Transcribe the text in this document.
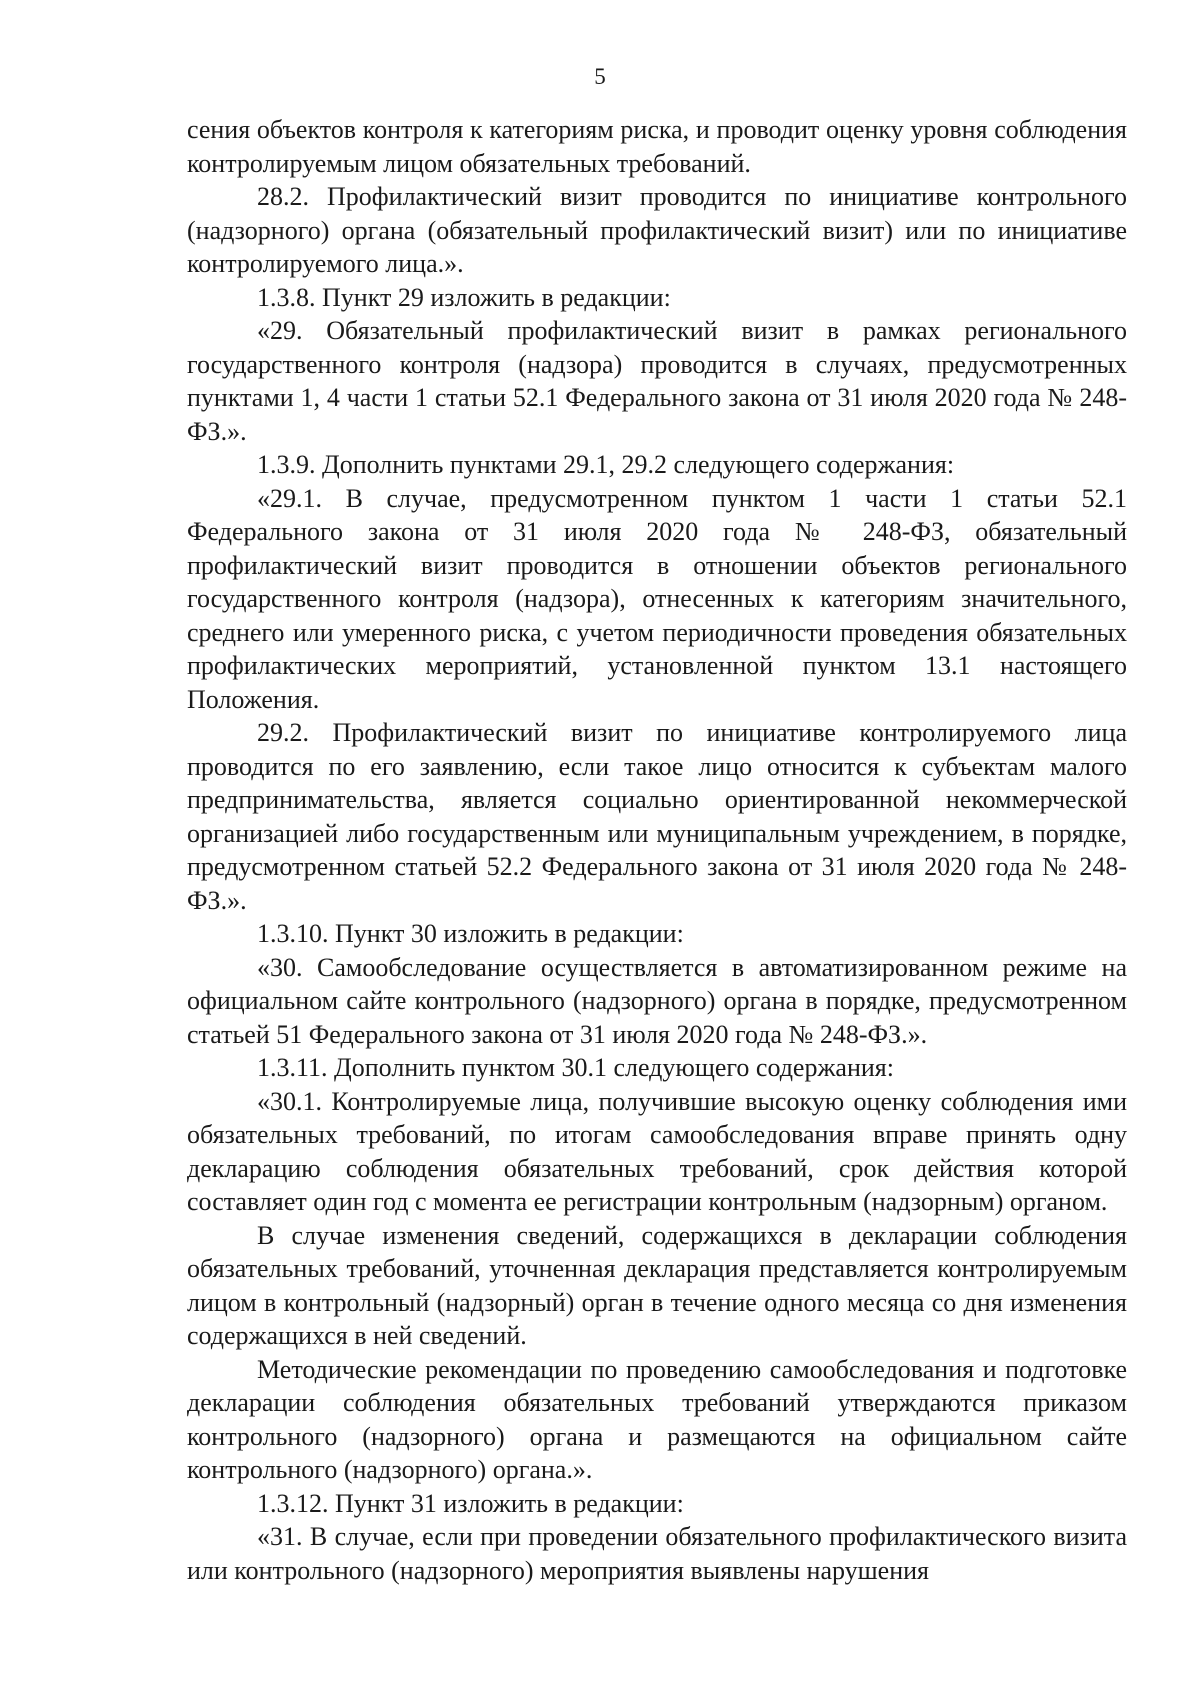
5

сения объектов контроля к категориям риска, и проводит оценку уровня соблюдения контролируемым лицом обязательных требований.

28.2. Профилактический визит проводится по инициативе контрольного (надзорного) органа (обязательный профилактический визит) или по инициативе контролируемого лица.».

1.3.8. Пункт 29 изложить в редакции:

«29. Обязательный профилактический визит в рамках регионального государственного контроля (надзора) проводится в случаях, предусмотренных пунктами 1, 4 части 1 статьи 52.1 Федерального закона от 31 июля 2020 года № 248-ФЗ.».

1.3.9. Дополнить пунктами 29.1, 29.2 следующего содержания:

«29.1. В случае, предусмотренном пунктом 1 части 1 статьи 52.1 Федерального закона от 31 июля 2020 года № 248-ФЗ, обязательный профилактический визит проводится в отношении объектов регионального государственного контроля (надзора), отнесенных к категориям значительного, среднего или умеренного риска, с учетом периодичности проведения обязательных профилактических мероприятий, установленной пунктом 13.1 настоящего Положения.

29.2. Профилактический визит по инициативе контролируемого лица проводится по его заявлению, если такое лицо относится к субъектам малого предпринимательства, является социально ориентированной некоммерческой организацией либо государственным или муниципальным учреждением, в порядке, предусмотренном статьей 52.2 Федерального закона от 31 июля 2020 года № 248-ФЗ.».

1.3.10. Пункт 30 изложить в редакции:

«30. Самообследование осуществляется в автоматизированном режиме на официальном сайте контрольного (надзорного) органа в порядке, предусмотренном статьей 51 Федерального закона от 31 июля 2020 года № 248-ФЗ.».

1.3.11. Дополнить пунктом 30.1 следующего содержания:

«30.1. Контролируемые лица, получившие высокую оценку соблюдения ими обязательных требований, по итогам самообследования вправе принять одну декларацию соблюдения обязательных требований, срок действия которой составляет один год с момента ее регистрации контрольным (надзорным) органом.

В случае изменения сведений, содержащихся в декларации соблюдения обязательных требований, уточненная декларация представляется контролируемым лицом в контрольный (надзорный) орган в течение одного месяца со дня изменения содержащихся в ней сведений.

Методические рекомендации по проведению самообследования и подготовке декларации соблюдения обязательных требований утверждаются приказом контрольного (надзорного) органа и размещаются на официальном сайте контрольного (надзорного) органа.».

1.3.12. Пункт 31 изложить в редакции:

«31. В случае, если при проведении обязательного профилактического визита или контрольного (надзорного) мероприятия выявлены нарушения
